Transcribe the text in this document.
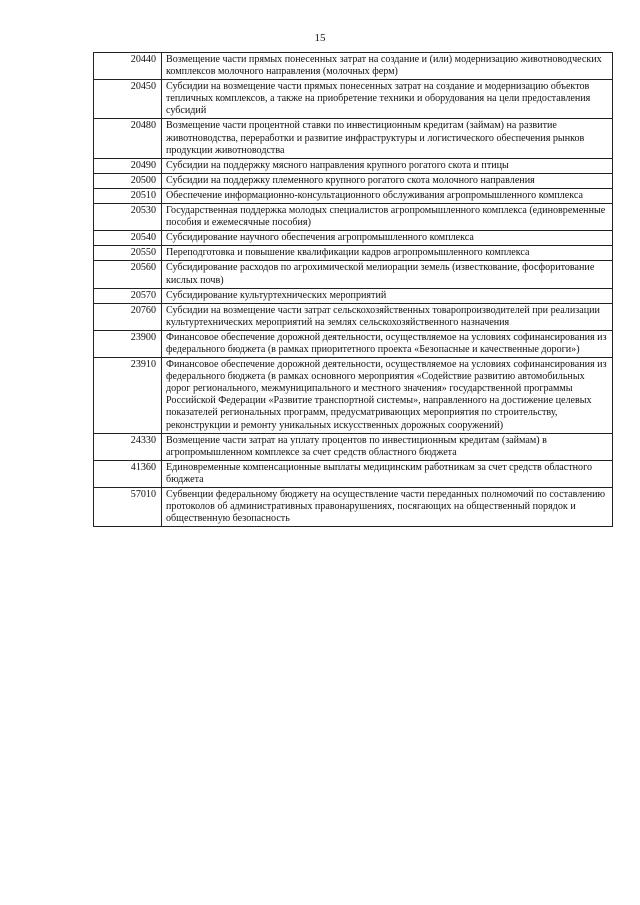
15
20440	Возмещение части прямых понесенных затрат на создание и (или) модернизацию животноводческих комплексов молочного направления (молочных ферм)
20450	Субсидии на возмещение части прямых понесенных затрат на создание и модернизацию объектов тепличных комплексов, а также на приобретение техники и оборудования на цели предоставления субсидий
20480	Возмещение части процентной ставки по инвестиционным кредитам (займам) на развитие животноводства, переработки и развитие инфраструктуры и логистического обеспечения рынков продукции животноводства
20490	Субсидии на поддержку мясного направления крупного рогатого скота и птицы
20500	Субсидии на поддержку племенного крупного рогатого скота молочного направления
20510	Обеспечение информационно-консультационного обслуживания агропромышленного комплекса
20530	Государственная поддержка молодых специалистов агропромышленного комплекса (единовременные пособия и ежемесячные пособия)
20540	Субсидирование научного обеспечения агропромышленного комплекса
20550	Переподготовка и повышение квалификации кадров агропромышленного комплекса
20560	Субсидирование расходов по агрохимической мелиорации земель (известкование, фосфоритование кислых почв)
20570	Субсидирование культуртехнических мероприятий
20760	Субсидии на возмещение части затрат сельскохозяйственных товаропроизводителей при реализации культуртехнических мероприятий на землях сельскохозяйственного назначения
23900	Финансовое обеспечение дорожной деятельности, осуществляемое на условиях софинансирования из федерального бюджета (в рамках приоритетного проекта «Безопасные и качественные дороги»)
23910	Финансовое обеспечение дорожной деятельности, осуществляемое на условиях софинансирования из федерального бюджета (в рамках основного мероприятия «Содействие развитию автомобильных дорог регионального, межмуниципального и местного значения» государственной программы Российской Федерации «Развитие транспортной системы», направленного на достижение целевых показателей региональных программ, предусматривающих мероприятия по строительству, реконструкции и ремонту уникальных искусственных дорожных сооружений)
24330	Возмещение части затрат на уплату процентов по инвестиционным кредитам (займам) в агропромышленном комплексе за счет средств областного бюджета
41360	Единовременные компенсационные выплаты медицинским работникам за счет средств областного бюджета
57010	Субвенции федеральному бюджету на осуществление части переданных полномочий по составлению протоколов об административных правонарушениях, посягающих на общественный порядок и общественную безопасность
